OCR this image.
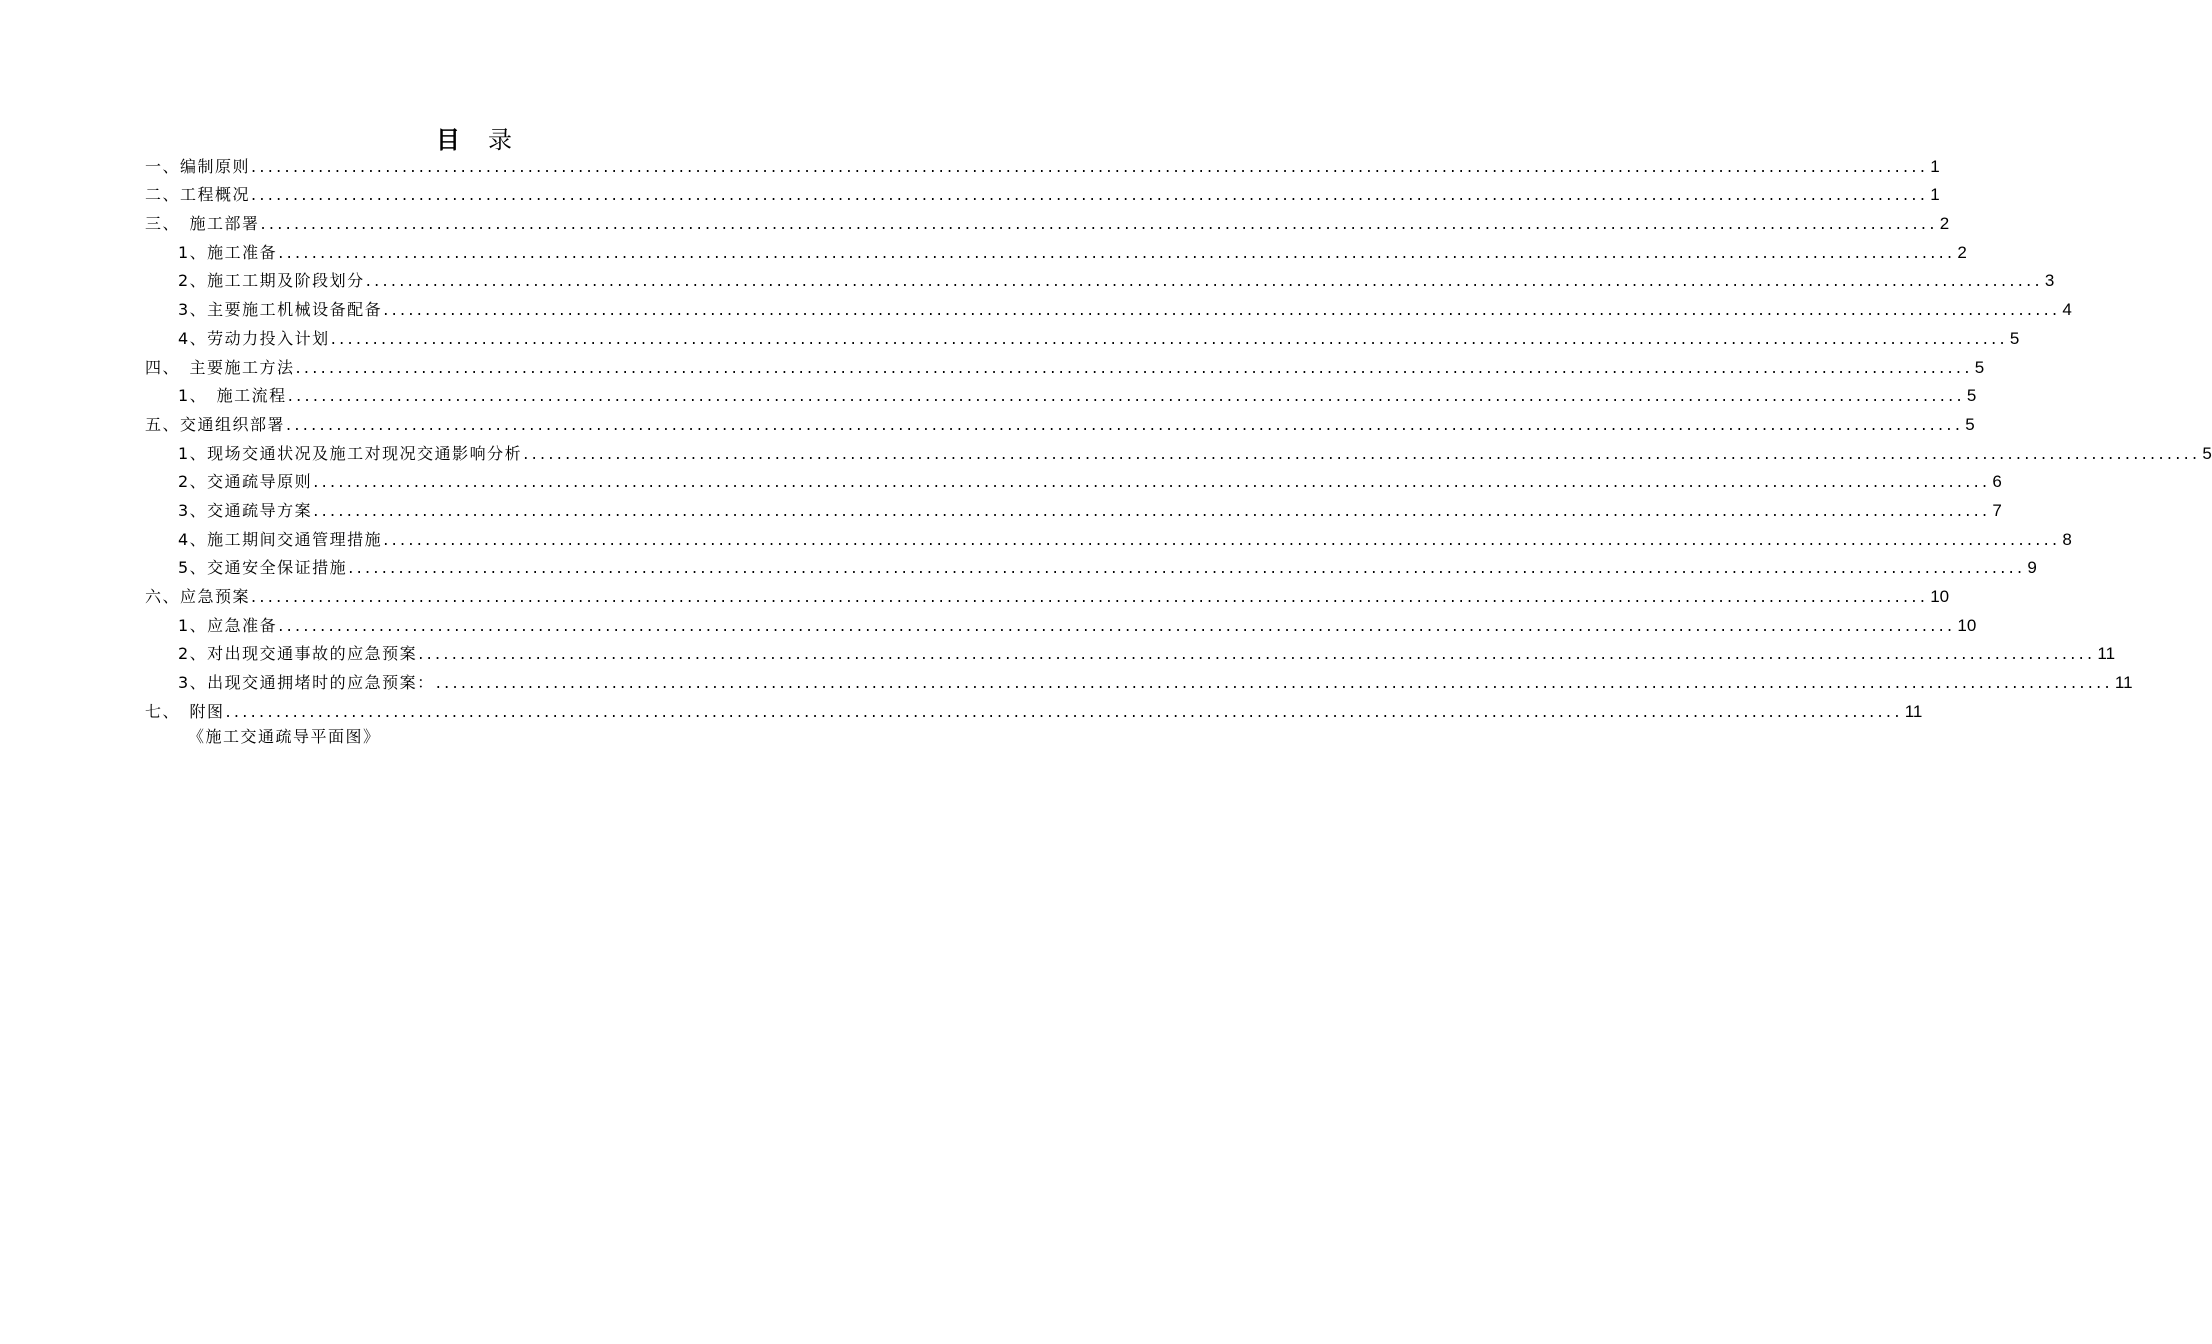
目 录
一、编制原则 ........................................................................................................................................................................................................ 1
二、工程概况 ........................................................................................................................................................................................................ 1
三、　施工部署 ........................................................................................................................................................................................................ 2
1、施工准备 ........................................................................................................................................................................................................ 2
2、施工工期及阶段划分 ........................................................................................................................................................................................................ 3
3、主要施工机械设备配备 ........................................................................................................................................................................................................ 4
4、劳动力投入计划 ........................................................................................................................................................................................................ 5
四、　主要施工方法 ........................................................................................................................................................................................................ 5
1、　施工流程 ........................................................................................................................................................................................................ 5
五、交通组织部署 ........................................................................................................................................................................................................ 5
1、现场交通状况及施工对现况交通影响分析 ........................................................................................................................................................................................................ 5
2、交通疏导原则 ........................................................................................................................................................................................................ 6
3、交通疏导方案 ........................................................................................................................................................................................................ 7
4、施工期间交通管理措施 ........................................................................................................................................................................................................ 8
5、交通安全保证措施 ........................................................................................................................................................................................................ 9
六、应急预案 ........................................................................................................................................................................................................ 10
1、应急准备 ........................................................................................................................................................................................................ 10
2、对出现交通事故的应急预案 ........................................................................................................................................................................................................ 11
3、出现交通拥堵时的应急预案： ........................................................................................................................................................................................................ 11
七、　附图 ........................................................................................................................................................................................................ 11
《施工交通疏导平面图》
